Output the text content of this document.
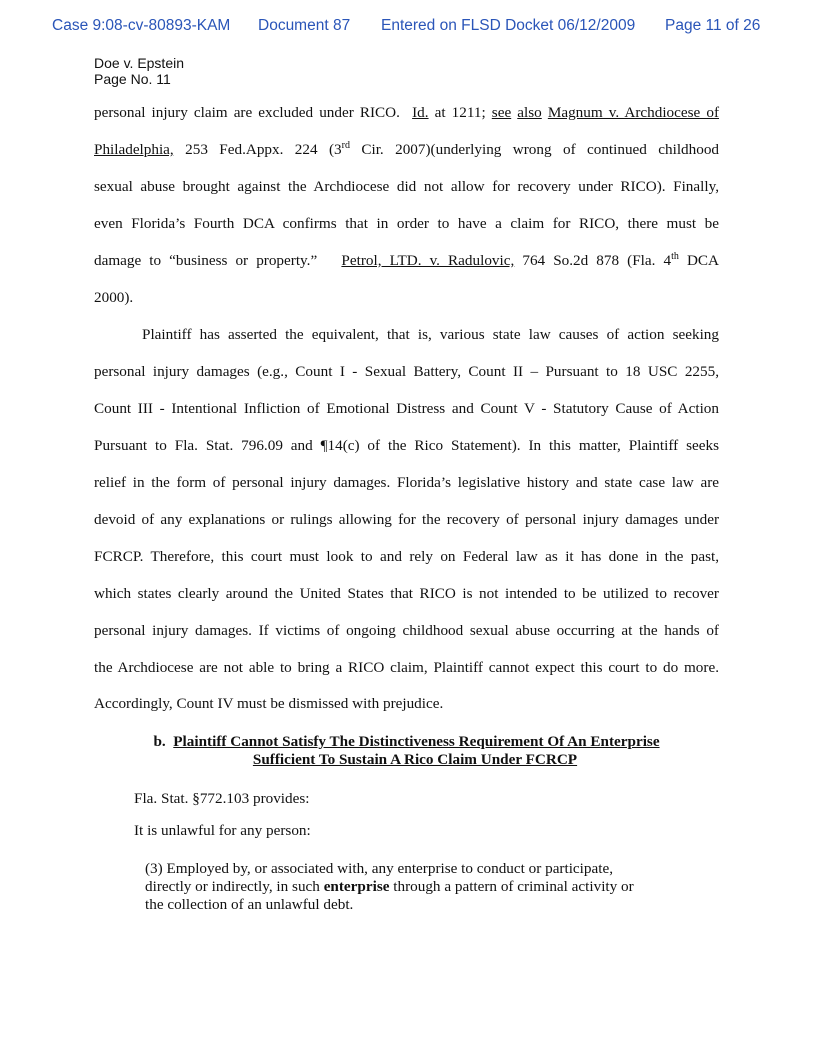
Case 9:08-cv-80893-KAM Document 87 Entered on FLSD Docket 06/12/2009 Page 11 of 26
Doe v. Epstein
Page No. 11
personal injury claim are excluded under RICO. Id. at 1211; see also Magnum v. Archdiocese of
Philadelphia, 253 Fed.Appx. 224 (3rd Cir. 2007)(underlying wrong of continued childhood
sexual abuse brought against the Archdiocese did not allow for recovery under RICO). Finally,
even Florida’s Fourth DCA confirms that in order to have a claim for RICO, there must be
damage to “business or property.” Petrol, LTD. v. Radulovic, 764 So.2d 878 (Fla. 4th DCA
2000).
Plaintiff has asserted the equivalent, that is, various state law causes of action seeking
personal injury damages (e.g., Count I - Sexual Battery, Count II – Pursuant to 18 USC 2255,
Count III - Intentional Infliction of Emotional Distress and Count V - Statutory Cause of Action
Pursuant to Fla. Stat. 796.09 and ¶14(c) of the Rico Statement). In this matter, Plaintiff seeks
relief in the form of personal injury damages. Florida’s legislative history and state case law are
devoid of any explanations or rulings allowing for the recovery of personal injury damages under
FCRCP. Therefore, this court must look to and rely on Federal law as it has done in the past,
which states clearly around the United States that RICO is not intended to be utilized to recover
personal injury damages. If victims of ongoing childhood sexual abuse occurring at the hands of
the Archdiocese are not able to bring a RICO claim, Plaintiff cannot expect this court to do more.
Accordingly, Count IV must be dismissed with prejudice.
b. Plaintiff Cannot Satisfy The Distinctiveness Requirement Of An Enterprise
Sufficient To Sustain A Rico Claim Under FCRCP
Fla. Stat. §772.103 provides:
It is unlawful for any person:
(3) Employed by, or associated with, any enterprise to conduct or participate,
directly or indirectly, in such enterprise through a pattern of criminal activity or
the collection of an unlawful debt.
